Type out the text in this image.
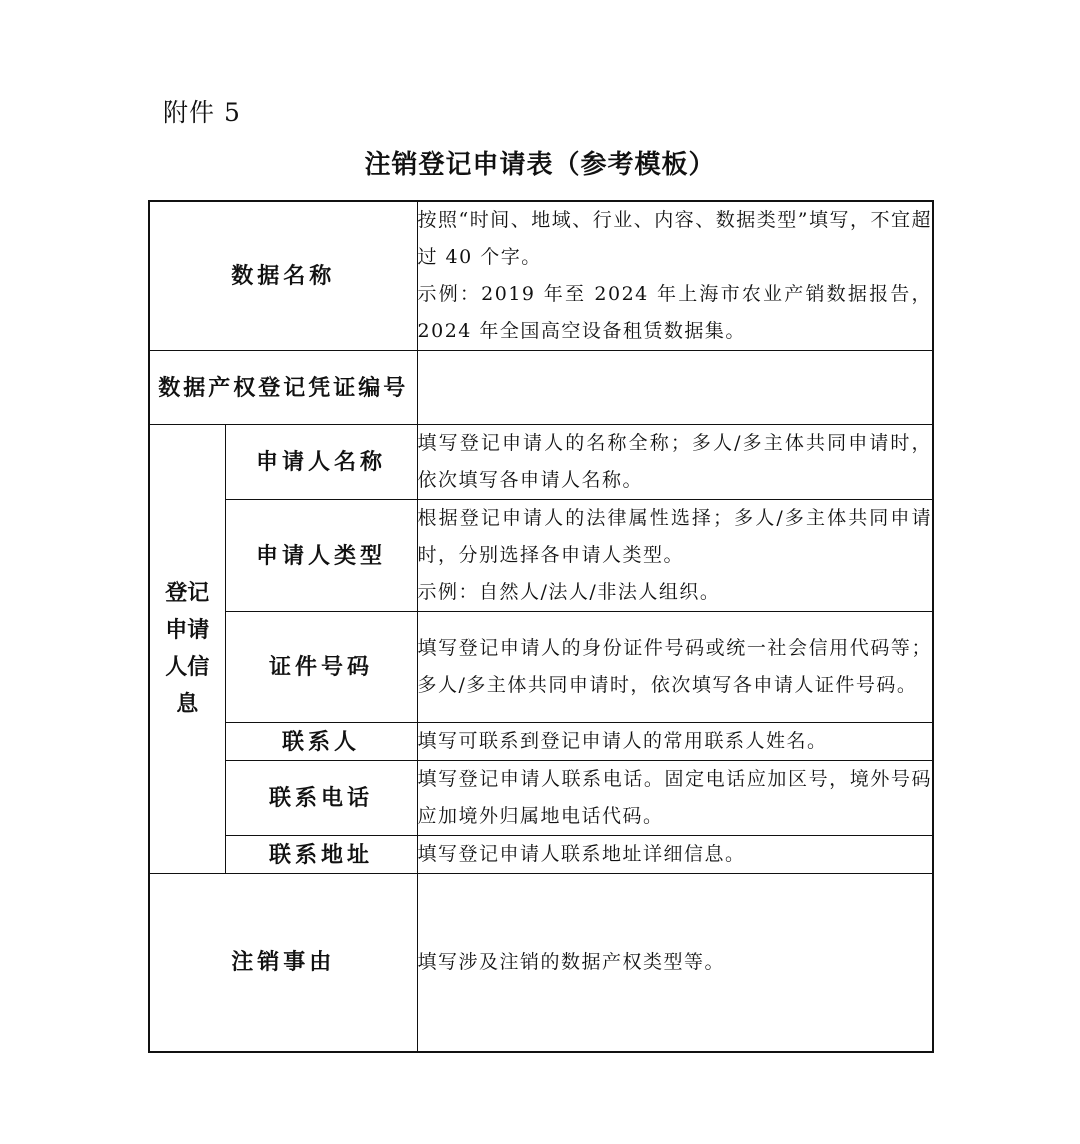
附件 5
注销登记申请表（参考模板）
数据名称		按照“时间、地域、行业、内容、数据类型”填写，不宜超过 40 个字。

示例：2019 年至 2024 年上海市农业产销数据报告，2024 年全国高空设备租赁数据集。

数据产权登记凭证编号		

登记
申请
人信
息	申请人名称	填写登记申请人的名称全称；多人/多主体共同申请时，依次填写各申请人名称。

	申请人类型	根据登记申请人的法律属性选择；多人/多主体共同申请时，分别选择各申请人类型。

示例：自然人/法人/非法人组织。

	证件号码	填写登记申请人的身份证件号码或统一社会信用代码等；多人/多主体共同申请时，依次填写各申请人证件号码。

	联系人	填写可联系到登记申请人的常用联系人姓名。

	联系电话	填写登记申请人联系电话。固定电话应加区号，境外号码应加境外归属地电话代码。

	联系地址	填写登记申请人联系地址详细信息。

注销事由		填写涉及注销的数据产权类型等。
